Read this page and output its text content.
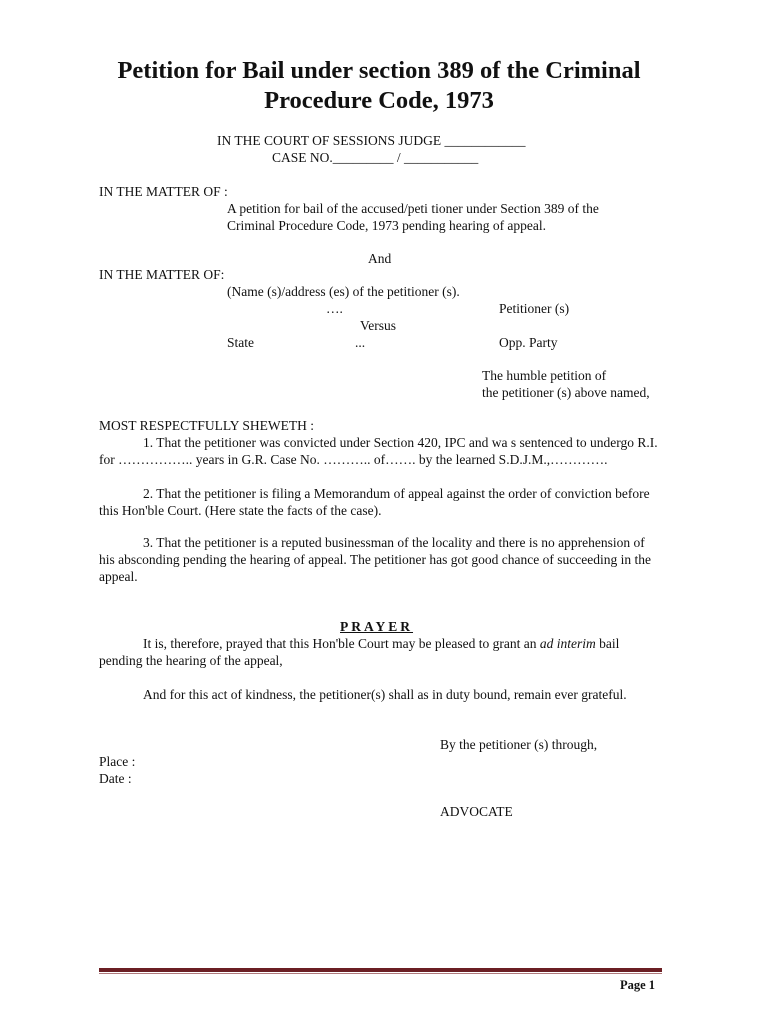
Petition for Bail under section 389 of the Criminal Procedure Code, 1973
IN THE COURT OF SESSIONS JUDGE ____________
CASE NO._________ / ___________
IN THE MATTER OF :
A petition for bail of the accused/peti tioner under Section 389 of the
Criminal Procedure Code, 1973 pending hearing of appeal.
And
IN THE MATTER OF:
(Name (s)/address (es) of the petitioner (s).
….	Petitioner (s)
Versus
State	...	Opp. Party
The humble petition of
the petitioner (s) above named,
MOST RESPECTFULLY SHEWETH :
1. That the petitioner was convicted under Section 420, IPC and wa s sentenced to undergo R.I. for …………….. years in G.R. Case No. ……….. of……. by the learned S.D.J.M.,………….
2. That the petitioner is filing a Memorandum of appeal against the order of conviction before this Hon'ble Court. (Here state the facts of the case).
3. That the petitioner is a reputed businessman of the locality and there is no apprehension of his absconding pending the hearing of appeal. The petitioner has got good chance of succeeding in the appeal.
PRAYER
It is, therefore, prayed that this Hon'ble Court may be pleased to grant an ad interim bail pending the hearing of the appeal,
And for this act of kindness, the petitioner(s) shall as in duty bound, remain ever grateful.
By the petitioner (s) through,
Place :
Date :
ADVOCATE
Page 1
